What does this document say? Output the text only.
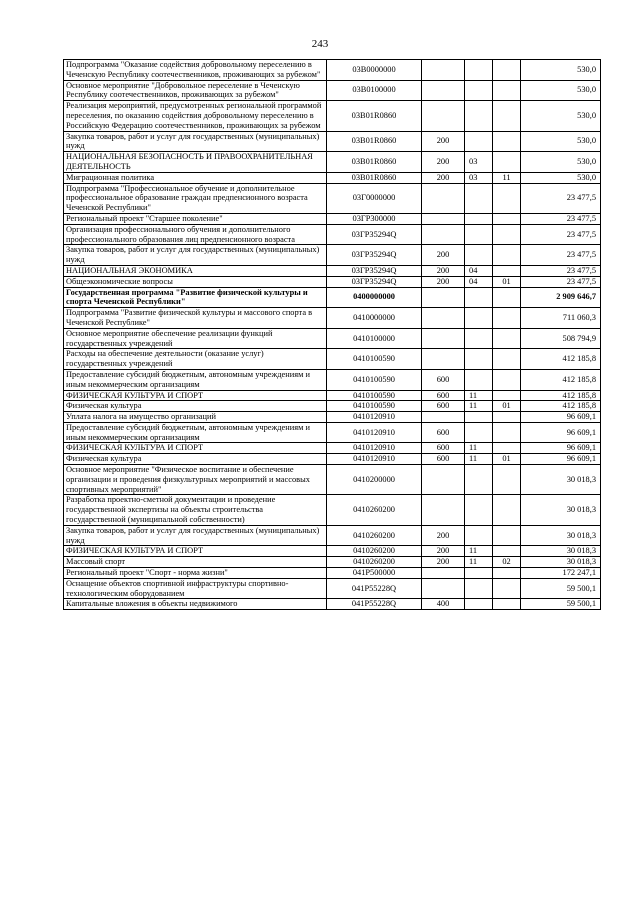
243
Подпрограмма "Оказание содействия добровольному переселению в Чеченскую Республику соотечественников, проживающих за рубежом"	03В0000000				530,0
Основное мероприятие "Добровольное переселение в Чеченскую Республику соотечественников, проживающих за рубежом"	03В0100000				530,0
Реализация мероприятий, предусмотренных региональной программой переселения, по оказанию содействия добровольному переселению в Российскую Федерацию соотечественников, проживающих за рубежом	03В01R0860				530,0
Закупка товаров, работ и услуг для государственных (муниципальных) нужд	03В01R0860	200			530,0
НАЦИОНАЛЬНАЯ БЕЗОПАСНОСТЬ И ПРАВООХРАНИТЕЛЬНАЯ ДЕЯТЕЛЬНОСТЬ	03В01R0860	200	03		530,0
Миграционная политика	03В01R0860	200	03	11	530,0
Подпрограмма "Профессиональное обучение и дополнительное профессиональное образование граждан предпенсионного возраста Чеченской Республики"	03Г0000000				23 477,5
Региональный проект "Старшее поколение"	03ГP300000				23 477,5
Организация профессионального обучения и дополнительного профессионального образования лиц предпенсионного возраста	03ГP35294Q				23 477,5
Закупка товаров, работ и услуг для государственных (муниципальных) нужд	03ГP35294Q	200			23 477,5
НАЦИОНАЛЬНАЯ ЭКОНОМИКА	03ГP35294Q	200	04		23 477,5
Общеэкономические вопросы	03ГP35294Q	200	04	01	23 477,5
Государственная программа "Развитие физической культуры и спорта Чеченской Республики"	0400000000				2 909 646,7
Подпрограмма "Развитие физической культуры и массового спорта в Чеченской Республике"	0410000000				711 060,3
Основное мероприятие обеспечение реализации функций государственных учреждений	0410100000				508 794,9
Расходы на обеспечение деятельности (оказание услуг) государственных учреждений	0410100590				412 185,8
Предоставление субсидий бюджетным, автономным учреждениям и иным некоммерческим организациям	0410100590	600			412 185,8
ФИЗИЧЕСКАЯ КУЛЬТУРА И СПОРТ	0410100590	600	11		412 185,8
Физическая культура	0410100590	600	11	01	412 185,8
Уплата налога на имущество организаций	0410120910				96 609,1
Предоставление субсидий бюджетным, автономным учреждениям и иным некоммерческим организациям	0410120910	600			96 609,1
ФИЗИЧЕСКАЯ КУЛЬТУРА И СПОРТ	0410120910	600	11		96 609,1
Физическая культура	0410120910	600	11	01	96 609,1
Основное мероприятие "Физическое воспитание и обеспечение организации и проведения физкультурных мероприятий и массовых спортивных мероприятий"	0410200000				30 018,3
Разработка проектно-сметной документации и проведение государственной экспертизы на объекты строительства государственной (муниципальной собственности)	0410260200				30 018,3
Закупка товаров, работ и услуг для государственных (муниципальных) нужд	0410260200	200			30 018,3
ФИЗИЧЕСКАЯ КУЛЬТУРА И СПОРТ	0410260200	200	11		30 018,3
Массовый спорт	0410260200	200	11	02	30 018,3
Региональный проект "Спорт - норма жизни"	041P500000				172 247,1
Оснащение объектов спортивной инфраструктуры спортивно-технологическим оборудованием	041P55228Q				59 500,1
Капитальные вложения в объекты недвижимого	041P55228Q	400			59 500,1
